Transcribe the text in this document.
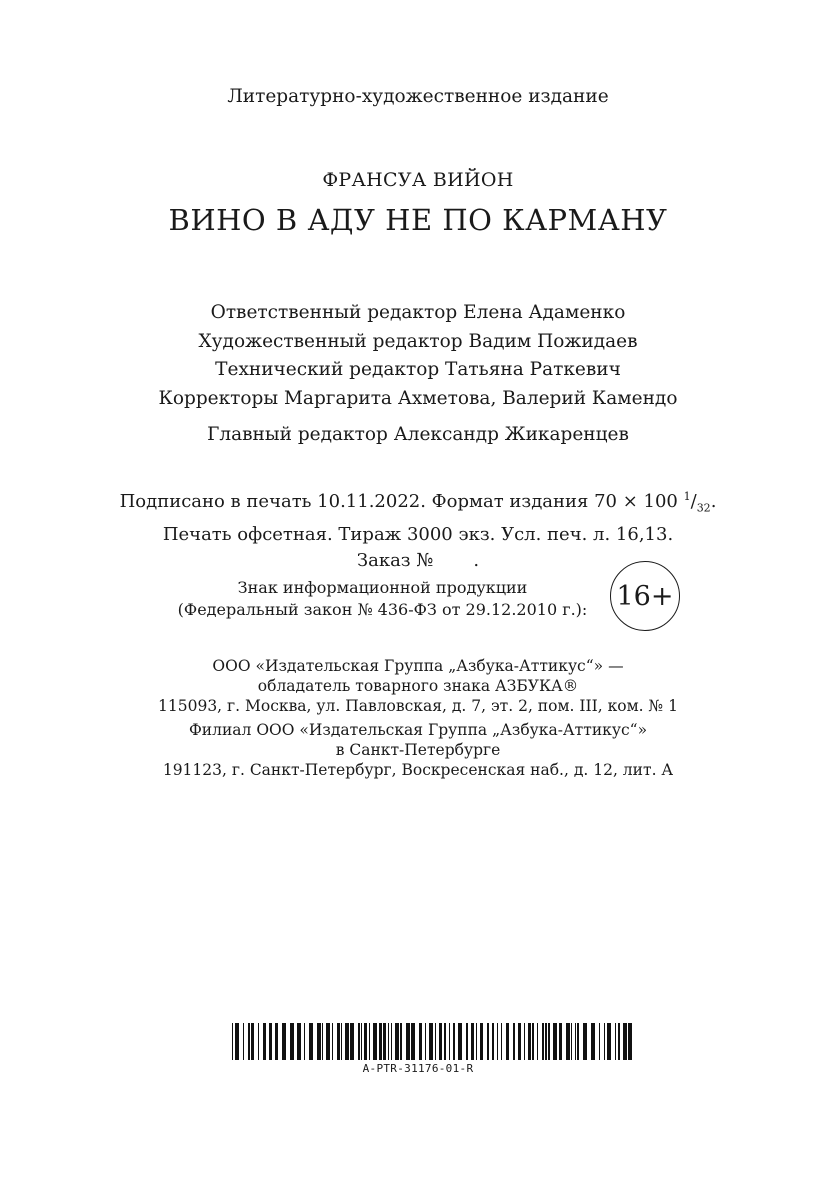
Литературно-художественное издание
ФРАНСУА ВИЙОН
ВИНО В АДУ НЕ ПО КАРМАНУ
Ответственный редактор Елена Адаменко
Художественный редактор Вадим Пожидаев
Технический редактор Татьяна Раткевич
Корректоры Маргарита Ахметова, Валерий Камендо
Главный редактор Александр Жикаренцев
Подписано в печать 10.11.2022. Формат издания 70 × 100 $^1/_{32}$.
Печать офсетная. Тираж 3000 экз. Усл. печ. л. 16,13.
Заказ № .
Знак информационной продукции
(Федеральный закон № 436-ФЗ от 29.12.2010 г.): 16+
ООО «Издательская Группа „Азбука-Аттикус“» —
обладатель товарного знака АЗБУКА®
115093, г. Москва, ул. Павловская, д. 7, эт. 2, пом. III, ком. № 1
Филиал ООО «Издательская Группа „Азбука-Аттикус“»
в Санкт-Петербурге
191123, г. Санкт-Петербург, Воскресенская наб., д. 12, лит. А
A-PTR-31176-01-R
